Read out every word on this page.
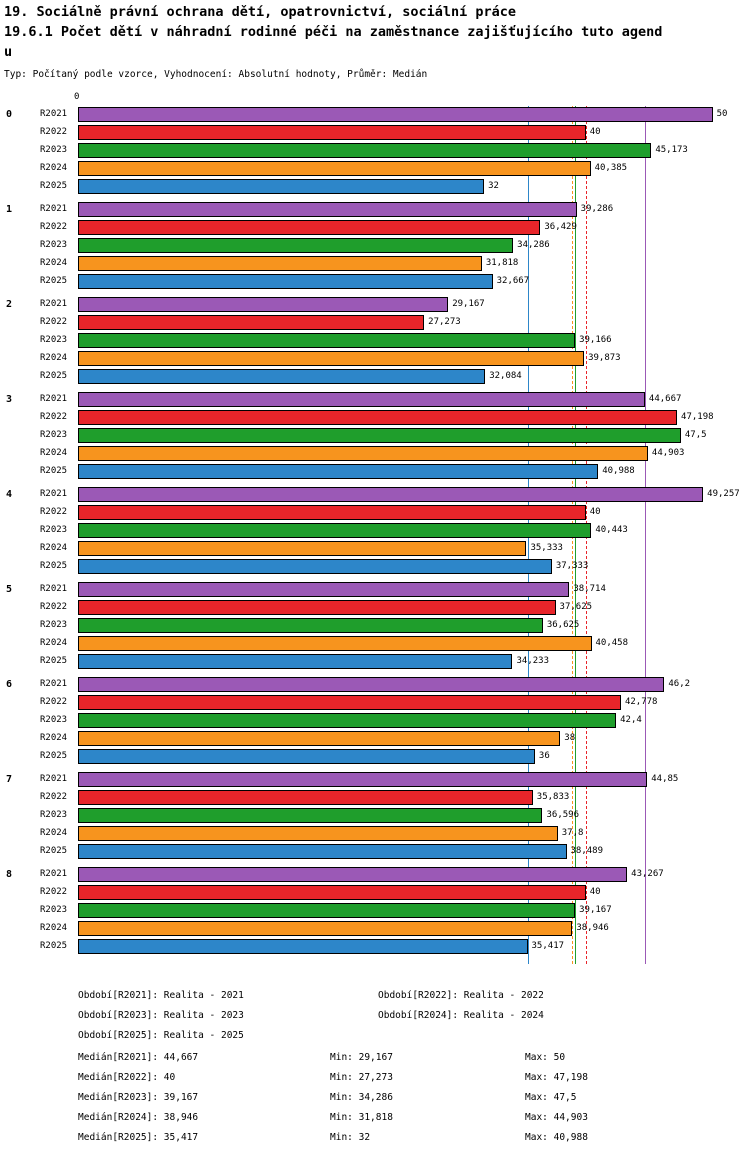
19. Sociálně právní ochrana dětí, opatrovnictví, sociální práce
19.6.1 Počet dětí v náhradní rodinné péči na zaměstnance zajišťujícího tuto agend
u
Typ: Počítaný podle vzorce, Vyhodnocení: Absolutní hodnoty, Průměr: Medián
0
0	R2021	50
R2022	40
R2023	45,173
R2024	40,385
R2025	32
1	R2021	39,286
R2022	36,429
R2023	34,286
R2024	31,818
R2025	32,667
2	R2021	29,167
R2022	27,273
R2023	39,166
R2024	39,873
R2025	32,084
3	R2021	44,667
R2022	47,198
R2023	47,5
R2024	44,903
R2025	40,988
4	R2021	49,257
R2022	40
R2023	40,443
R2024	35,333
R2025	37,333
5	R2021	38,714
R2022	37,625
R2023	36,625
R2024	40,458
R2025	34,233
6	R2021	46,2
R2022	42,778
R2023	42,4
R2024	38
R2025	36
7	R2021	44,85
R2022	35,833
R2023	36,596
R2024	37,8
R2025	38,489
8	R2021	43,267
R2022	40
R2023	39,167
R2024	38,946
R2025	35,417
Období[R2021]: Realita - 2021	Období[R2022]: Realita - 2022
Období[R2023]: Realita - 2023	Období[R2024]: Realita - 2024
Období[R2025]: Realita - 2025
Medián[R2021]: 44,667	Min: 29,167	Max: 50
Medián[R2022]: 40	Min: 27,273	Max: 47,198
Medián[R2023]: 39,167	Min: 34,286	Max: 47,5
Medián[R2024]: 38,946	Min: 31,818	Max: 44,903
Medián[R2025]: 35,417	Min: 32	Max: 40,988
